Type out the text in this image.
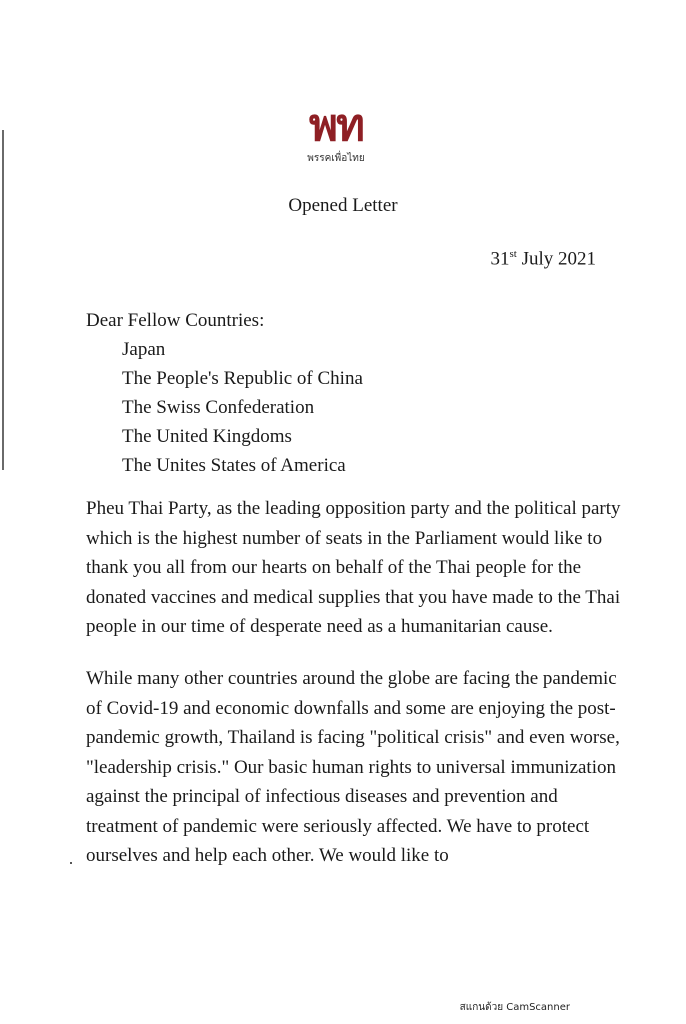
พท
พรรคเพื่อไทย
Opened Letter
31st July 2021
Dear Fellow Countries:
Japan
The People's Republic of China
The Swiss Confederation
The United Kingdoms
The Unites States of America

Pheu Thai Party, as the leading opposition party and the political party which is the highest number of seats in the Parliament would like to thank you all from our hearts on behalf of the Thai people for the donated vaccines and medical supplies that you have made to the Thai people in our time of desperate need as a humanitarian cause.

While many other countries around the globe are facing the pandemic of Covid-19 and economic downfalls and some are enjoying the post-pandemic growth, Thailand is facing "political crisis" and even worse, "leadership crisis." Our basic human rights to universal immunization against the principal of infectious diseases and prevention and treatment of pandemic were seriously affected. We have to protect ourselves and help each other. We would like to

สแกนด้วย CamScanner
